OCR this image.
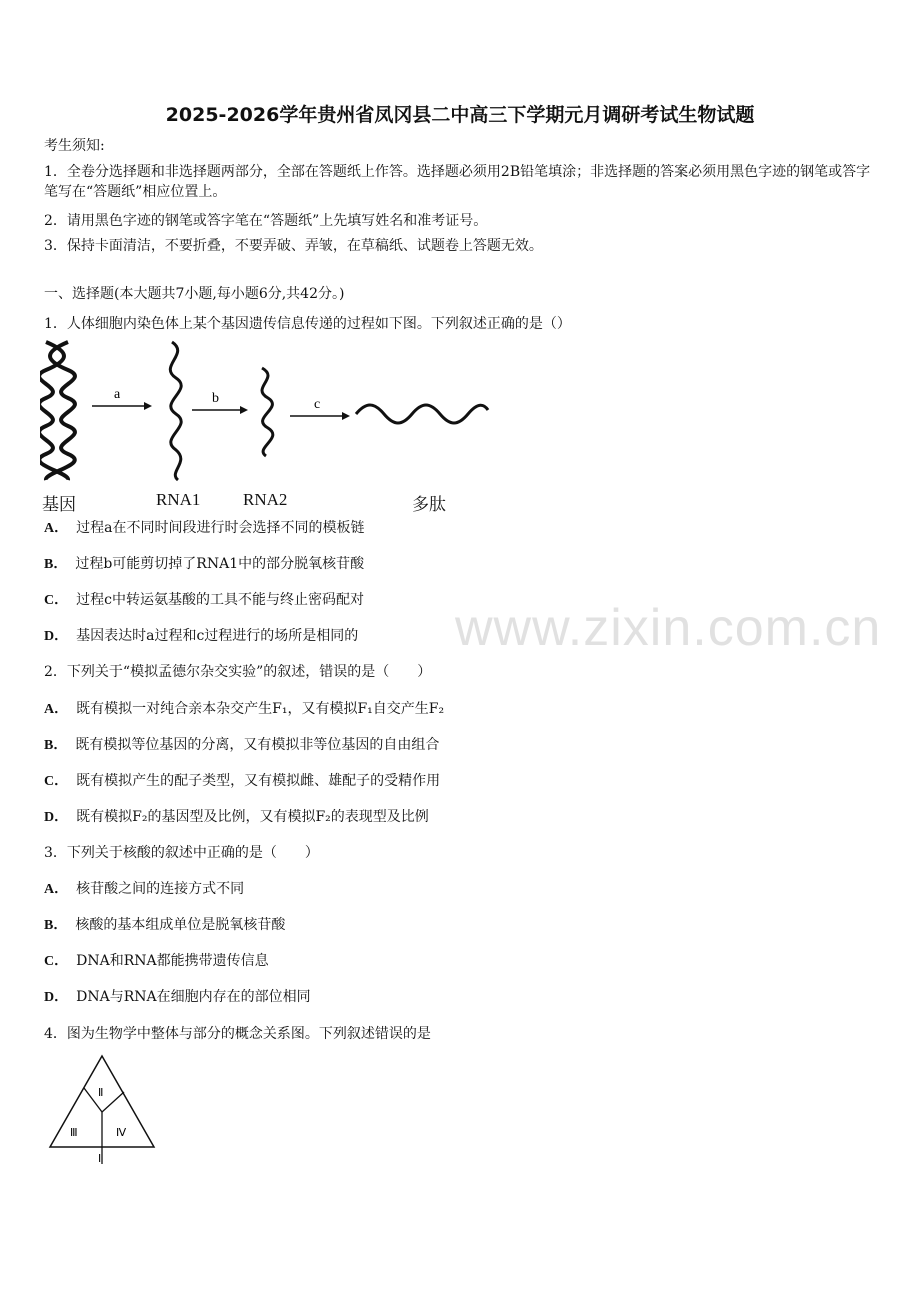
2025-2026学年贵州省凤冈县二中高三下学期元月调研考试生物试题
考生须知:
1．全卷分选择题和非选择题两部分，全部在答题纸上作答。选择题必须用2B铅笔填涂；非选择题的答案必须用黑色字迹的钢笔或答字笔写在“答题纸”相应位置上。
2．请用黑色字迹的钢笔或答字笔在“答题纸”上先填写姓名和准考证号。
3．保持卡面清洁，不要折叠，不要弄破、弄皱，在草稿纸、试题卷上答题无效。
一、选择题(本大题共7小题,每小题6分,共42分。)
1．人体细胞内染色体上某个基因遗传信息传递的过程如下图。下列叙述正确的是（）
a	b	c
基因	RNA1	RNA2	多肽
A． 过程a在不同时间段进行时会选择不同的模板链
B． 过程b可能剪切掉了RNA1中的部分脱氧核苷酸
C． 过程c中转运氨基酸的工具不能与终止密码配对
D． 基因表达时a过程和c过程进行的场所是相同的
2．下列关于“模拟孟德尔杂交实验”的叙述，错误的是（　　）
A． 既有模拟一对纯合亲本杂交产生F₁，又有模拟F₁自交产生F₂
B． 既有模拟等位基因的分离，又有模拟非等位基因的自由组合
C． 既有模拟产生的配子类型，又有模拟雌、雄配子的受精作用
D． 既有模拟F₂的基因型及比例，又有模拟F₂的表现型及比例
3．下列关于核酸的叙述中正确的是（　　）
A． 核苷酸之间的连接方式不同
B． 核酸的基本组成单位是脱氧核苷酸
C． DNA和RNA都能携带遗传信息
D． DNA与RNA在细胞内存在的部位相同
4．图为生物学中整体与部分的概念关系图。下列叙述错误的是
Ⅱ
Ⅲ	Ⅳ
Ⅰ
www.zixin.com.cn
